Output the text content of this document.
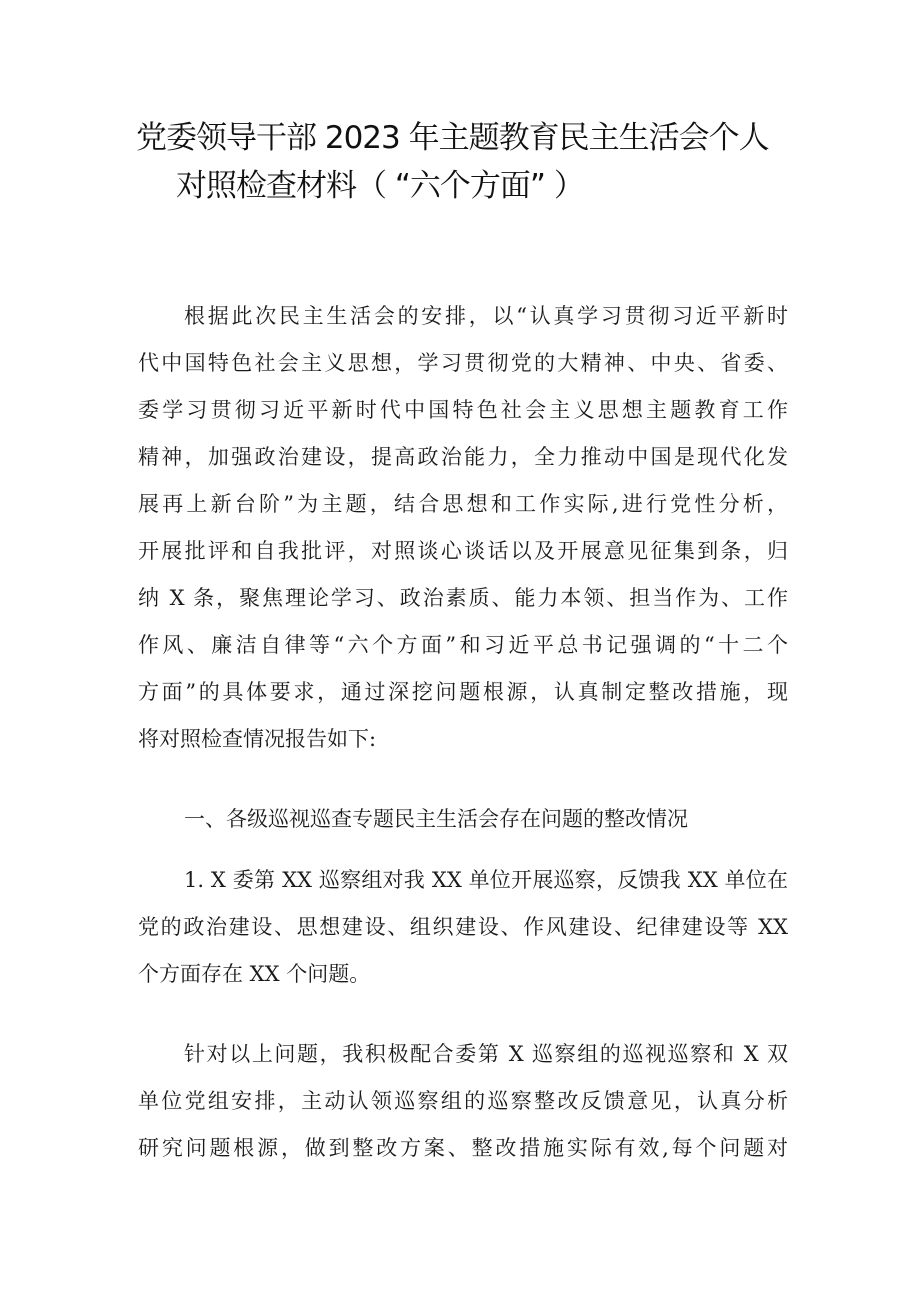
党委领导干部 2023 年主题教育民主生活会个人
对照检查材料（ “六个方面” ）
根据此次民主生活会的安排，以“认真学习贯彻习近平新时
代中国特色社会主义思想，学习贯彻党的大精神、中央、省委、
委学习贯彻习近平新时代中国特色社会主义思想主题教育工作
精神，加强政治建设，提高政治能力，全力推动中国是现代化发
展再上新台阶”为主题，结合思想和工作实际,进行党性分析，
开展批评和自我批评，对照谈心谈话以及开展意见征集到条，归
纳 X 条，聚焦理论学习、政治素质、能力本领、担当作为、工作
作风、廉洁自律等“六个方面”和习近平总书记强调的“十二个
方面”的具体要求，通过深挖问题根源，认真制定整改措施，现
将对照检查情况报告如下:
一、各级巡视巡查专题民主生活会存在问题的整改情况
1. X 委第 XX 巡察组对我 XX 单位开展巡察，反馈我 XX 单位在
党的政治建设、思想建设、组织建设、作风建设、纪律建设等 XX
个方面存在 XX 个问题。
针对以上问题，我积极配合委第 X 巡察组的巡视巡察和 X 双
单位党组安排，主动认领巡察组的巡察整改反馈意见，认真分析
研究问题根源，做到整改方案、整改措施实际有效,每个问题对
